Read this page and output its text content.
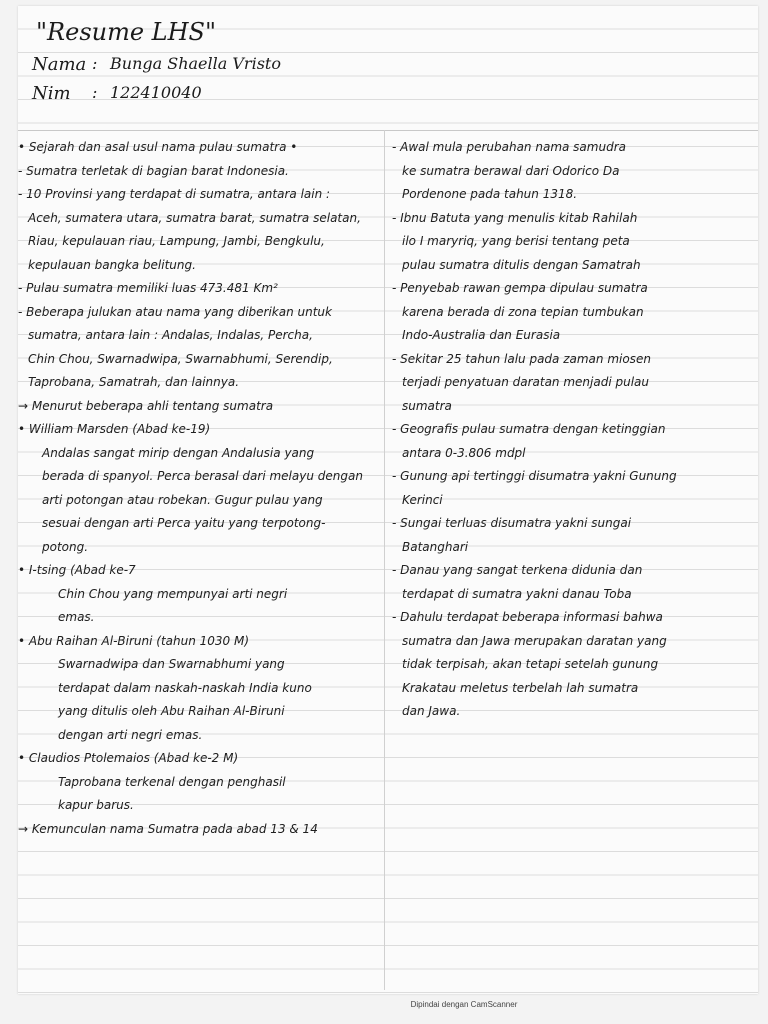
"Resume LHS"
Nama : Bunga Shaella Vristo
Nim	: 122410040
• Sejarah dan asal usul nama pulau sumatra •
- Sumatra terletak di bagian barat Indonesia.
- 10 Provinsi yang terdapat di sumatra, antara lain :
Aceh, sumatera utara, sumatra barat, sumatra selatan,
Riau, kepulauan riau, Lampung, Jambi, Bengkulu,
kepulauan bangka belitung.
- Pulau sumatra memiliki luas 473.481 Km²
- Beberapa julukan atau nama yang diberikan untuk
sumatra, antara lain : Andalas, Indalas, Percha,
Chin Chou, Swarnadwipa, Swarnabhumi, Serendip,
Taprobana, Samatrah, dan lainnya.
→ Menurut beberapa ahli tentang sumatra
• William Marsden (Abad ke-19)
Andalas sangat mirip dengan Andalusia yang
berada di spanyol. Perca berasal dari melayu dengan
arti potongan atau robekan. Gugur pulau yang
sesuai dengan arti Perca yaitu yang terpotong-
potong.
• I-tsing (Abad ke-7
Chin Chou yang mempunyai arti negri
emas.
• Abu Raihan Al-Biruni (tahun 1030 M)
Swarnadwipa dan Swarnabhumi yang
terdapat dalam naskah-naskah India kuno
yang ditulis oleh Abu Raihan Al-Biruni
dengan arti negri emas.
• Claudios Ptolemaios (Abad ke-2 M)
Taprobana terkenal dengan penghasil
kapur barus.
→ Kemunculan nama Sumatra pada abad 13 & 14
- Awal mula perubahan nama samudra
ke sumatra berawal dari Odorico Da
Pordenone pada tahun 1318.
- Ibnu Batuta yang menulis kitab Rahilah
ilo I maryriq, yang berisi tentang peta
pulau sumatra ditulis dengan Samatrah
- Penyebab rawan gempa dipulau sumatra
karena berada di zona tepian tumbukan
Indo-Australia dan Eurasia
- Sekitar 25 tahun lalu pada zaman miosen
terjadi penyatuan daratan menjadi pulau
sumatra
- Geografis pulau sumatra dengan ketinggian
antara 0-3.806 mdpl
- Gunung api tertinggi disumatra yakni Gunung
Kerinci
- Sungai terluas disumatra yakni sungai
Batanghari
- Danau yang sangat terkena didunia dan
terdapat di sumatra yakni danau Toba
- Dahulu terdapat beberapa informasi bahwa
sumatra dan Jawa merupakan daratan yang
tidak terpisah, akan tetapi setelah gunung
Krakatau meletus terbelah lah sumatra
dan Jawa.
Dipindai dengan CamScanner
